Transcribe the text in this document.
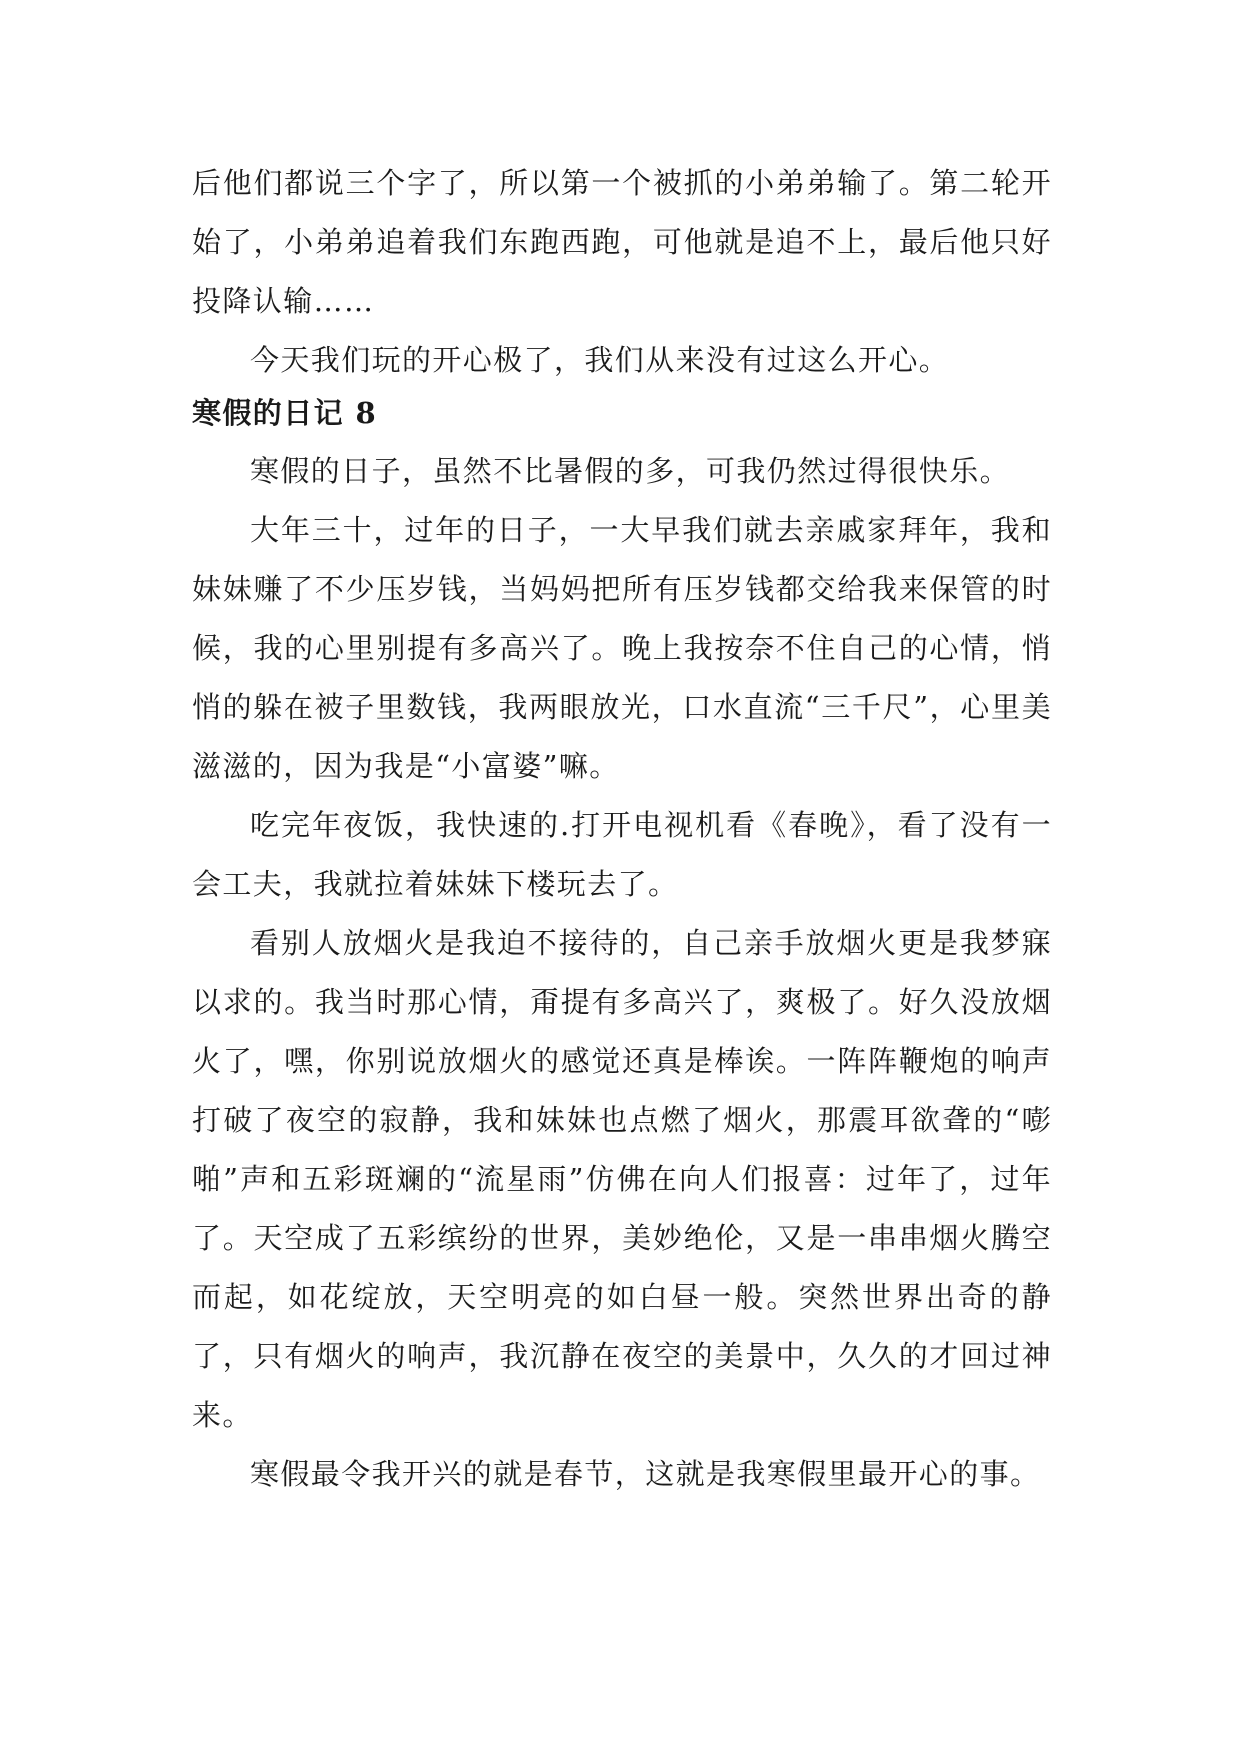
后他们都说三个字了，所以第一个被抓的小弟弟输了。第二轮开始了，小弟弟追着我们东跑西跑，可他就是追不上，最后他只好投降认输……

今天我们玩的开心极了，我们从来没有过这么开心。

寒假的日记 8

寒假的日子，虽然不比暑假的多，可我仍然过得很快乐。

大年三十，过年的日子，一大早我们就去亲戚家拜年，我和妹妹赚了不少压岁钱，当妈妈把所有压岁钱都交给我来保管的时候，我的心里别提有多高兴了。晚上我按奈不住自己的心情，悄悄的躲在被子里数钱，我两眼放光，口水直流“三千尺”，心里美滋滋的，因为我是“小富婆”嘛。

吃完年夜饭，我快速的.打开电视机看《春晚》，看了没有一会工夫，我就拉着妹妹下楼玩去了。

看别人放烟火是我迫不接待的，自己亲手放烟火更是我梦寐以求的。我当时那心情，甭提有多高兴了，爽极了。好久没放烟火了，嘿，你别说放烟火的感觉还真是棒诶。一阵阵鞭炮的响声打破了夜空的寂静，我和妹妹也点燃了烟火，那震耳欲聋的“嘭啪”声和五彩斑斓的“流星雨”仿佛在向人们报喜：过年了，过年了。天空成了五彩缤纷的世界，美妙绝伦，又是一串串烟火腾空而起，如花绽放，天空明亮的如白昼一般。突然世界出奇的静了，只有烟火的响声，我沉静在夜空的美景中，久久的才回过神来。

寒假最令我开兴的就是春节，这就是我寒假里最开心的事。
